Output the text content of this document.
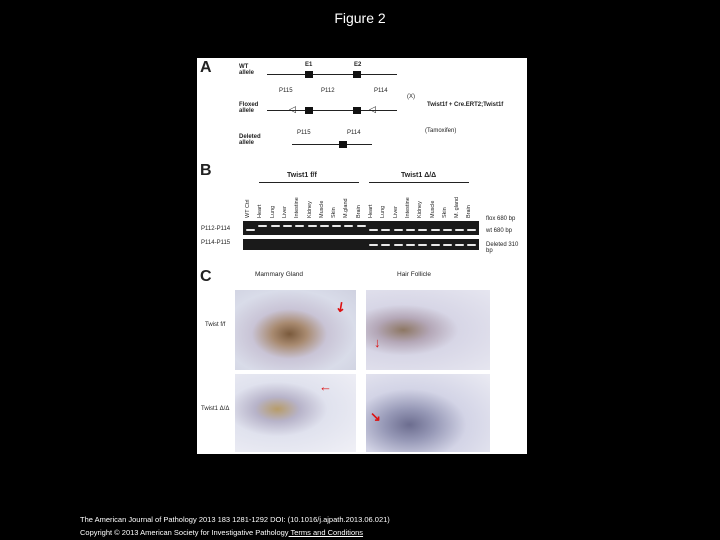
Figure 2
A	WT allele
E1	E2
P115	P112	P114
Floxed allele	◁	◁
(X)
Twist1f + Cre.ERT2;Twist1f
(Tamoxifen)
P115	P114
Deleted allele
B	Twist1 f/f	Twist1 Δ/Δ
P112-P114
P114-P115
flox 680 bp
wt 680 bp
Deleted 310 bp
C	Mammary Gland	Hair Follicle
Twist f/f
Twist1 Δ/Δ
↙
↓
←
↘
WT Ctrl Heart Lung Liver Intestine Kidney Muscle Skin M.gland Brain Heart Lung Liver Intestine Kidney Muscle Skin M. gland Brain
The American Journal of Pathology 2013 183 1281-1292 DOI: (10.1016/j.ajpath.2013.06.021)
Copyright © 2013 American Society for Investigative Pathology Terms and Conditions
